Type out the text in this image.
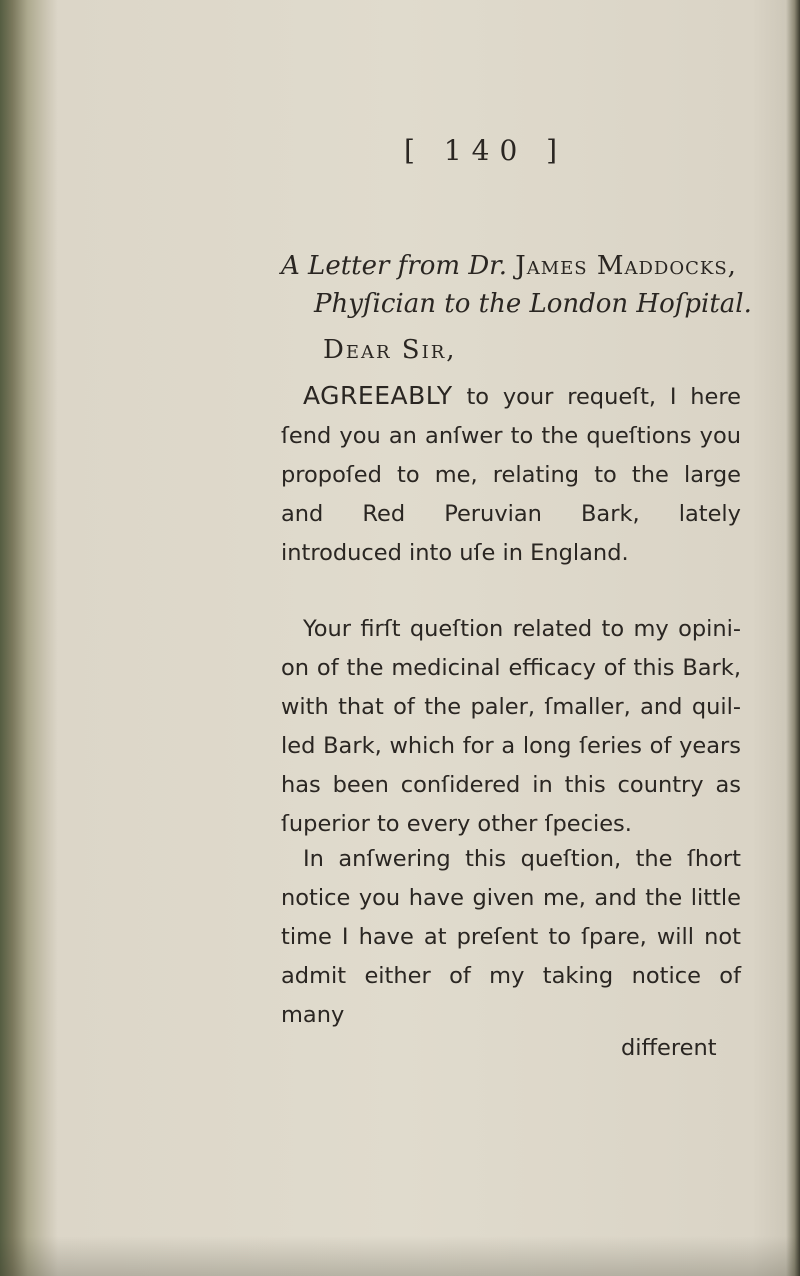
[ 140 ]
A Letter from Dr. James Maddocks,
Phyſician to the London Hoſpital.
Dear Sir,
AGREEABLY to your requeſt, I here ſend you an anſwer to the queſtions you propoſed to me, relating to the large and Red Peruvian Bark, lately introduced into uſe in England.
Your firſt queſtion related to my opinion of the medicinal efficacy of this Bark, with that of the paler, ſmaller, and quilled Bark, which for a long ſeries of years has been conſidered in this country as ſuperior to every other ſpecies.
In anſwering this queſtion, the ſhort notice you have given me, and the little time I have at preſent to ſpare, will not admit either of my taking notice of many
different
